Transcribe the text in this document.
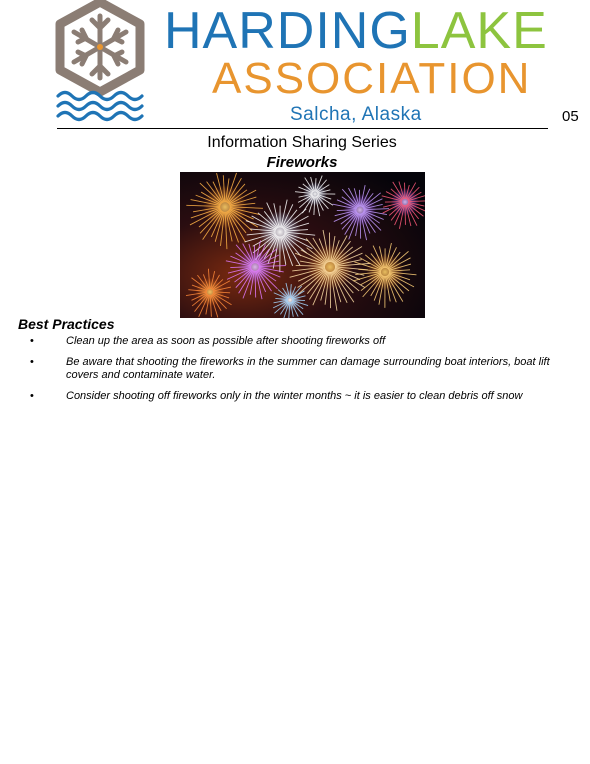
HARDINGLAKE
ASSOCIATION
Salcha, Alaska	05
Information Sharing Series
Fireworks
Best Practices
•	Clean up the area as soon as possible after shooting fireworks off
•	Be aware that shooting the fireworks in the summer can damage surrounding boat interiors, boat lift covers and contaminate water.
•	Consider shooting off fireworks only in the winter months ~ it is easier to clean debris off snow
